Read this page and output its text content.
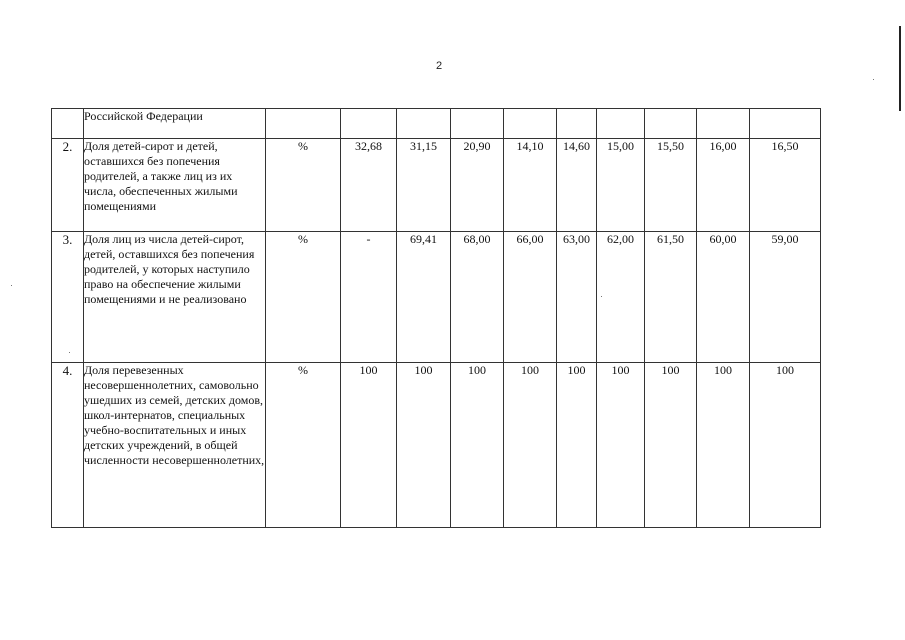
2
	Российской Федерации										
2.	Доля детей-сирот и детей, оставшихся без попечения родителей, а также лиц из их числа, обеспеченных жилыми помещениями	%	32,68	31,15	20,90	14,10	14,60	15,00	15,50	16,00	16,50
3.	Доля лиц из числа детей-сирот, детей, оставшихся без попечения родителей, у которых наступило право на обеспечение жилыми помещениями и не реализовано	%	-	69,41	68,00	66,00	63,00	62,00	61,50	60,00	59,00
4.	Доля перевезенных несовершеннолетних, самовольно ушедших из семей, детских домов, школ-интернатов, специальных учебно-воспитательных и иных детских учреждений, в общей численности несовершеннолетних,	%	100	100	100	100	100	100	100	100	100
